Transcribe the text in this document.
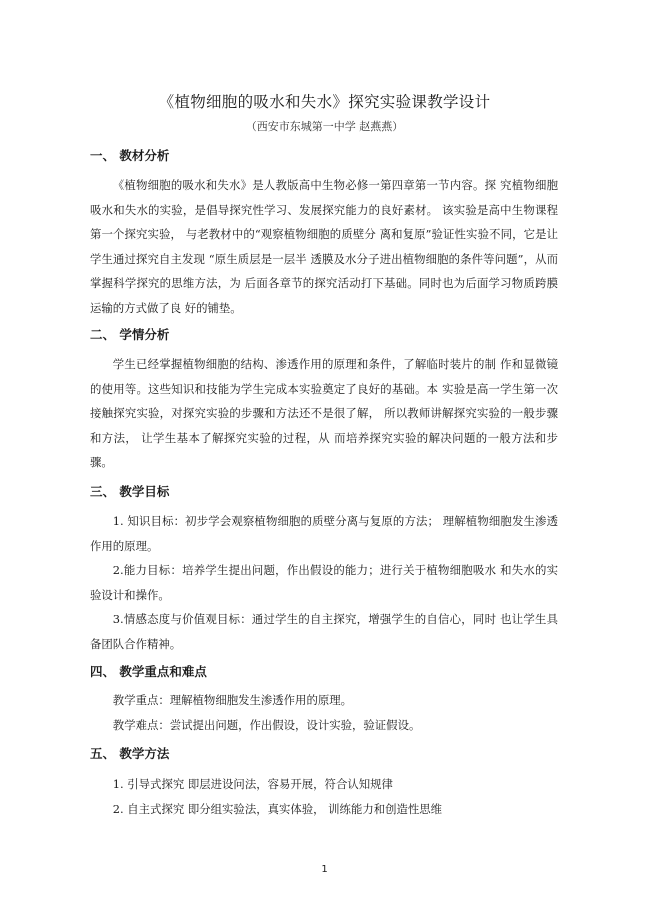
《植物细胞的吸水和失水》探究实验课教学设计
（西安市东城第一中学 赵燕燕）
一、 教材分析

《植物细胞的吸水和失水》是人教版高中生物必修一第四章第一节内容。探 究植物细胞吸水和失水的实验，是倡导探究性学习、发展探究能力的良好素材。 该实验是高中生物课程第一个探究实验， 与老教材中的“观察植物细胞的质壁分 离和复原”验证性实验不同，它是让学生通过探究自主发现 “原生质层是一层半 透膜及水分子进出植物细胞的条件等问题”，从而掌握科学探究的思维方法，为 后面各章节的探究活动打下基础。同时也为后面学习物质跨膜运输的方式做了良 好的铺垫。

二、 学情分析

学生已经掌握植物细胞的结构、渗透作用的原理和条件，了解临时装片的制 作和显微镜的使用等。这些知识和技能为学生完成本实验奠定了良好的基础。本 实验是高一学生第一次接触探究实验，对探究实验的步骤和方法还不是很了解， 所以教师讲解探究实验的一般步骤和方法， 让学生基本了解探究实验的过程，从 而培养探究实验的解决问题的一般方法和步骤。

三、 教学目标

1. 知识目标：初步学会观察植物细胞的质壁分离与复原的方法； 理解植物细胞发生渗透作用的原理。

2.能力目标：培养学生提出问题，作出假设的能力；进行关于植物细胞吸水 和失水的实验设计和操作。

3.情感态度与价值观目标：通过学生的自主探究，增强学生的自信心，同时 也让学生具备团队合作精神。

四、 教学重点和难点

教学重点：理解植物细胞发生渗透作用的原理。

教学难点：尝试提出问题，作出假设，设计实验，验证假设。

五、 教学方法

1. 引导式探究 即层进设问法，容易开展，符合认知规律

2. 自主式探究 即分组实验法，真实体验， 训练能力和创造性思维

1
